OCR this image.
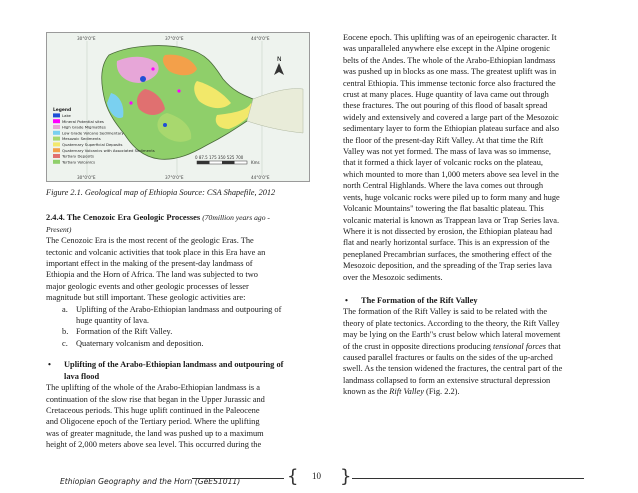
N
30°0'0"E	37°0'0"E	44°0'0"E
30°0'0"E	37°0'0"E	44°0'0"E
0 87.5 175 350 525 700
Kms
Legend
Lake
Mineral Potential sites
High Grade Migmatites
Low Grade Volcano Sedimentary
Mesozoic Sediments
Quaternary Superficial Deposits
Quaternary Volcanics with Associated Sediments
Tertiary Deposits
Tertiary Volcanics
Figure 2.1. Geological map of Ethiopia Source: CSA Shapefile, 2012
2.4.4. The Cenozoic Era Geologic Processes (70million years ago -
Present)
The Cenozoic Era is the most recent of the geologic Eras. The
tectonic and volcanic activities that took place in this Era have an
important effect in the making of the present-day landmass of
Ethiopia and the Horn of Africa. The land was subjected to two
major geologic events and other geologic processes of lesser
magnitude but still important. These geologic activities are:
a. Uplifting of the Arabo-Ethiopian landmass and outpouring of
huge quantity of lava.
b. Formation of the Rift Valley.
c. Quaternary volcanism and deposition.
•	Uplifting of the Arabo-Ethiopian landmass and outpouring of
lava flood
The uplifting of the whole of the Arabo-Ethiopian landmass is a
continuation of the slow rise that began in the Upper Jurassic and
Cretaceous periods. This huge uplift continued in the Paleocene
and Oligocene epoch of the Tertiary period. Where the uplifting
was of greater magnitude, the land was pushed up to a maximum
height of 2,000 meters above sea level. This occurred during the
Eocene epoch. This uplifting was of an epeirogenic character. It
was unparalleled anywhere else except in the Alpine orogenic
belts of the Andes. The whole of the Arabo-Ethiopian landmass
was pushed up in blocks as one mass. The greatest uplift was in
central Ethiopia. This immense tectonic force also fractured the
crust at many places. Huge quantity of lava came out through
these fractures. The out pouring of this flood of basalt spread
widely and extensively and covered a large part of the Mesozoic
sedimentary layer to form the Ethiopian plateau surface and also
the floor of the present-day Rift Valley. At that time the Rift
Valley was not yet formed. The mass of lava was so immense,
that it formed a thick layer of volcanic rocks on the plateau,
which mounted to more than 1,000 meters above sea level in the
north Central Highlands. Where the lava comes out through
vents, huge volcanic rocks were piled up to form many and huge
Volcanic Mountains" towering the flat basaltic plateau. This
volcanic material is known as Trappean lava or Trap Series lava.
Where it is not dissected by erosion, the Ethiopian plateau had
flat and nearly horizontal surface. This is an expression of the
peneplaned Precambrian surfaces, the smothering effect of the
Mesozoic deposition, and the spreading of the Trap series lava
over the Mesozoic sediments.
•	The Formation of the Rift Valley
The formation of the Rift Valley is said to be related with the
theory of plate tectonics. According to the theory, the Rift Valley
may be lying on the Earth"s crust below which lateral movement
of the crust in opposite directions producing tensional forces that
caused parallel fractures or faults on the sides of the up-arched
swell. As the tension widened the fractures, the central part of the
landmass collapsed to form an extensive structural depression
known as the Rift Valley (Fig. 2.2).
Ethiopian Geography and the Horn (GeES1011)	{ 10 }
